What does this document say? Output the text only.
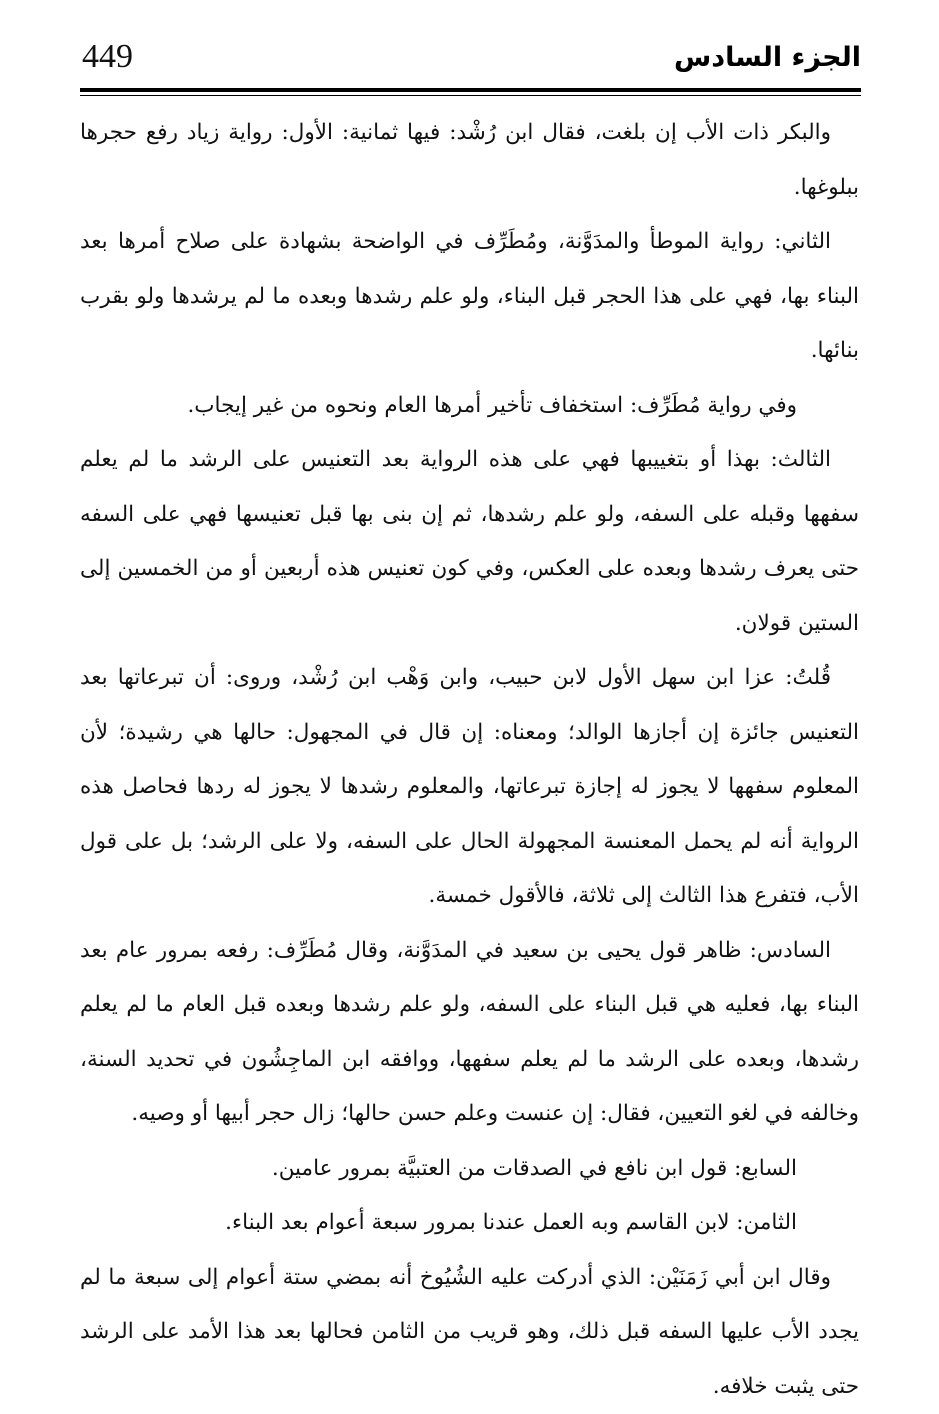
449	الجزء السادس

والبكر ذات الأب إن بلغت، فقال ابن رُشْد: فيها ثمانية: الأول: رواية زياد رفع حجرها ببلوغها.

الثاني: رواية الموطأ والمدَوَّنة، ومُطَرِّف في الواضحة بشهادة على صلاح أمرها بعد البناء بها، فهي على هذا الحجر قبل البناء، ولو علم رشدها وبعده ما لم يرشدها ولو بقرب بنائها.

وفي رواية مُطَرِّف: استخفاف تأخير أمرها العام ونحوه من غير إيجاب.

الثالث: بهذا أو بتغييبها فهي على هذه الرواية بعد التعنيس على الرشد ما لم يعلم سفهها وقبله على السفه، ولو علم رشدها، ثم إن بنى بها قبل تعنيسها فهي على السفه حتى يعرف رشدها وبعده على العكس، وفي كون تعنيس هذه أربعين أو من الخمسين إلى الستين قولان.

قُلتُ: عزا ابن سهل الأول لابن حبيب، وابن وَهْب ابن رُشْد، وروى: أن تبرعاتها بعد التعنيس جائزة إن أجازها الوالد؛ ومعناه: إن قال في المجهول: حالها هي رشيدة؛ لأن المعلوم سفهها لا يجوز له إجازة تبرعاتها، والمعلوم رشدها لا يجوز له ردها فحاصل هذه الرواية أنه لم يحمل المعنسة المجهولة الحال على السفه، ولا على الرشد؛ بل على قول الأب، فتفرع هذا الثالث إلى ثلاثة، فالأقول خمسة.

السادس: ظاهر قول يحيى بن سعيد في المدَوَّنة، وقال مُطَرِّف: رفعه بمرور عام بعد البناء بها، فعليه هي قبل البناء على السفه، ولو علم رشدها وبعده قبل العام ما لم يعلم رشدها، وبعده على الرشد ما لم يعلم سفهها، ووافقه ابن الماجِشُون في تحديد السنة، وخالفه في لغو التعيين، فقال: إن عنست وعلم حسن حالها؛ زال حجر أبيها أو وصيه.

السابع: قول ابن نافع في الصدقات من العتبيَّة بمرور عامين.

الثامن: لابن القاسم وبه العمل عندنا بمرور سبعة أعوام بعد البناء.

وقال ابن أبي زَمَنَيْن: الذي أدركت عليه الشُيُوخ أنه بمضي ستة أعوام إلى سبعة ما لم يجدد الأب عليها السفه قبل ذلك، وهو قريب من الثامن فحالها بعد هذا الأمد على الرشد حتى يثبت خلافه.
